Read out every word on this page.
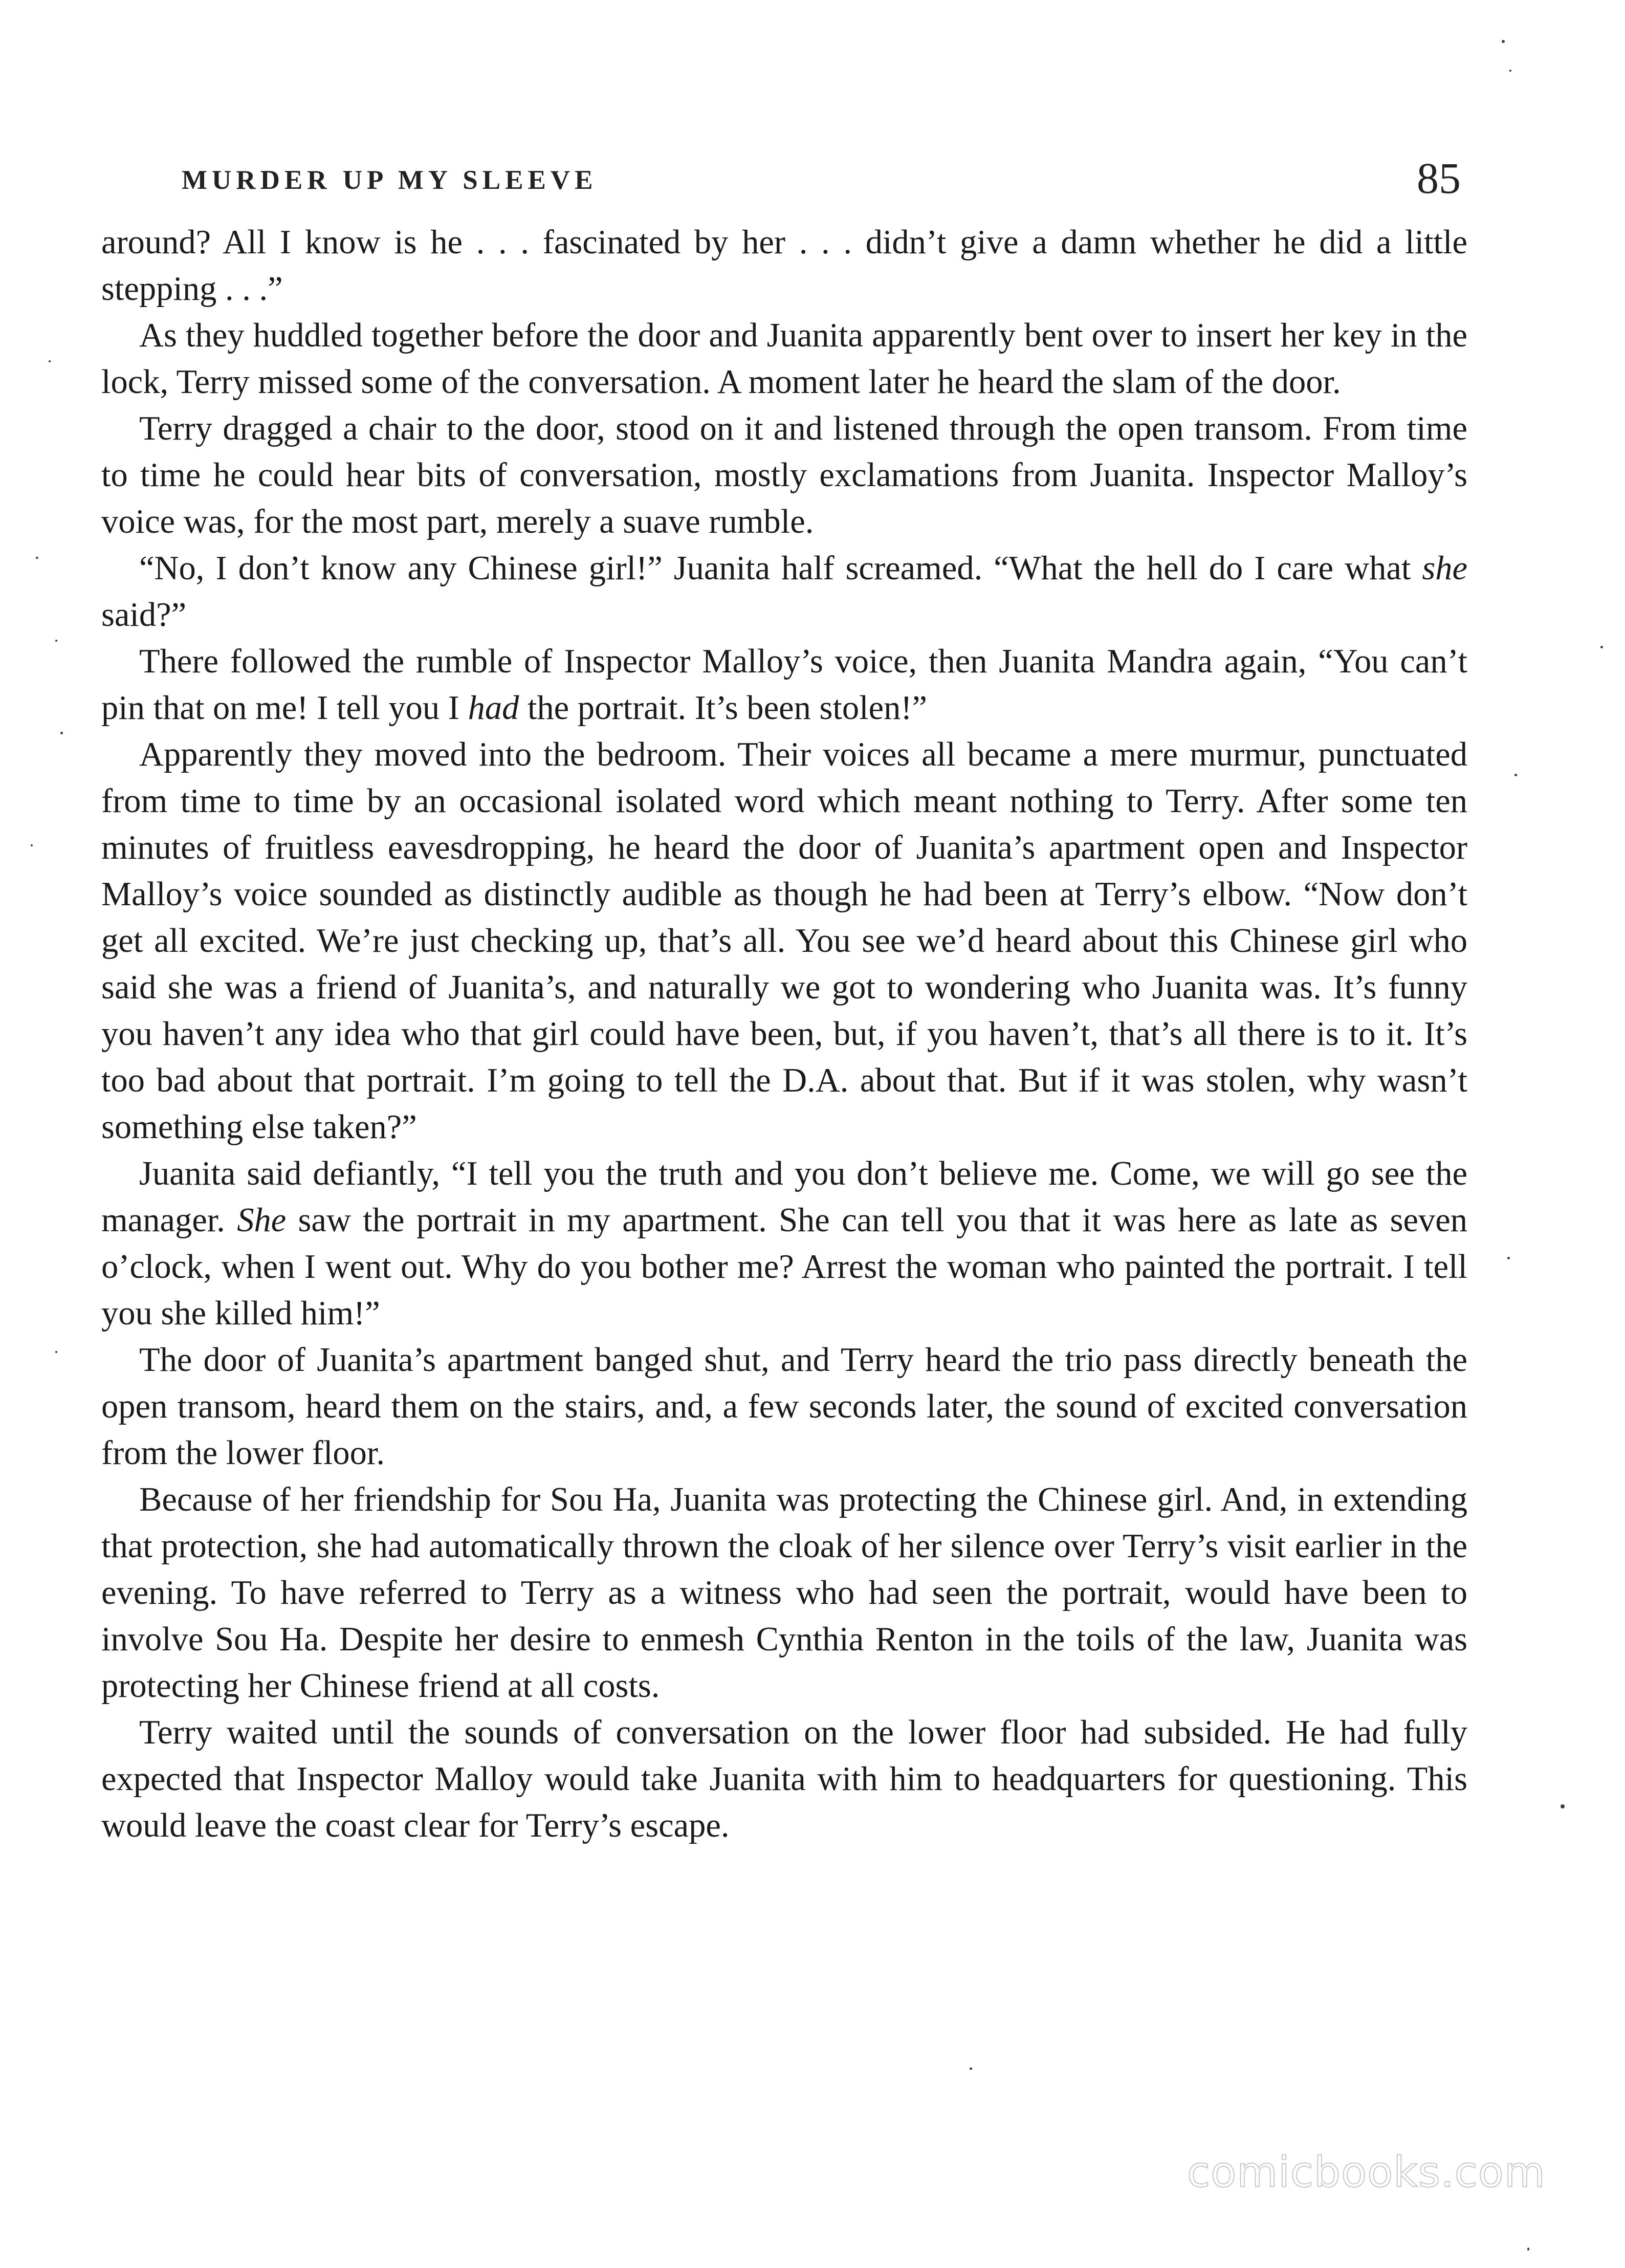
MURDER UP MY SLEEVE	85

around? All I know is he . . . fascinated by her . . . didn’t give a damn whether he did a little stepping . . .”

As they huddled together before the door and Juanita apparently bent over to insert her key in the lock, Terry missed some of the conversation. A moment later he heard the slam of the door.

Terry dragged a chair to the door, stood on it and listened through the open transom. From time to time he could hear bits of conversation, mostly exclamations from Juanita. Inspector Malloy’s voice was, for the most part, merely a suave rumble.

“No, I don’t know any Chinese girl!” Juanita half screamed. “What the hell do I care what she said?”

There followed the rumble of Inspector Malloy’s voice, then Juanita Mandra again, “You can’t pin that on me! I tell you I had the portrait. It’s been stolen!”

Apparently they moved into the bedroom. Their voices all became a mere murmur, punctuated from time to time by an occasional isolated word which meant nothing to Terry. After some ten minutes of fruitless eavesdropping, he heard the door of Juanita’s apartment open and Inspector Malloy’s voice sounded as distinctly audible as though he had been at Terry’s elbow. “Now don’t get all excited. We’re just checking up, that’s all. You see we’d heard about this Chinese girl who said she was a friend of Juanita’s, and naturally we got to wondering who Juanita was. It’s funny you haven’t any idea who that girl could have been, but, if you haven’t, that’s all there is to it. It’s too bad about that portrait. I’m going to tell the D.A. about that. But if it was stolen, why wasn’t something else taken?”

Juanita said defiantly, “I tell you the truth and you don’t believe me. Come, we will go see the manager. She saw the portrait in my apartment. She can tell you that it was here as late as seven o’clock, when I went out. Why do you bother me? Arrest the woman who painted the portrait. I tell you she killed him!”

The door of Juanita’s apartment banged shut, and Terry heard the trio pass directly beneath the open transom, heard them on the stairs, and, a few seconds later, the sound of excited conversation from the lower floor.

Because of her friendship for Sou Ha, Juanita was protecting the Chinese girl. And, in extending that protection, she had automatically thrown the cloak of her silence over Terry’s visit earlier in the evening. To have referred to Terry as a witness who had seen the portrait, would have been to involve Sou Ha. Despite her desire to enmesh Cynthia Renton in the toils of the law, Juanita was protecting her Chinese friend at all costs.

Terry waited until the sounds of conversation on the lower floor had subsided. He had fully expected that Inspector Malloy would take Juanita with him to headquarters for questioning. This would leave the coast clear for Terry’s escape.

comicbooks.com
